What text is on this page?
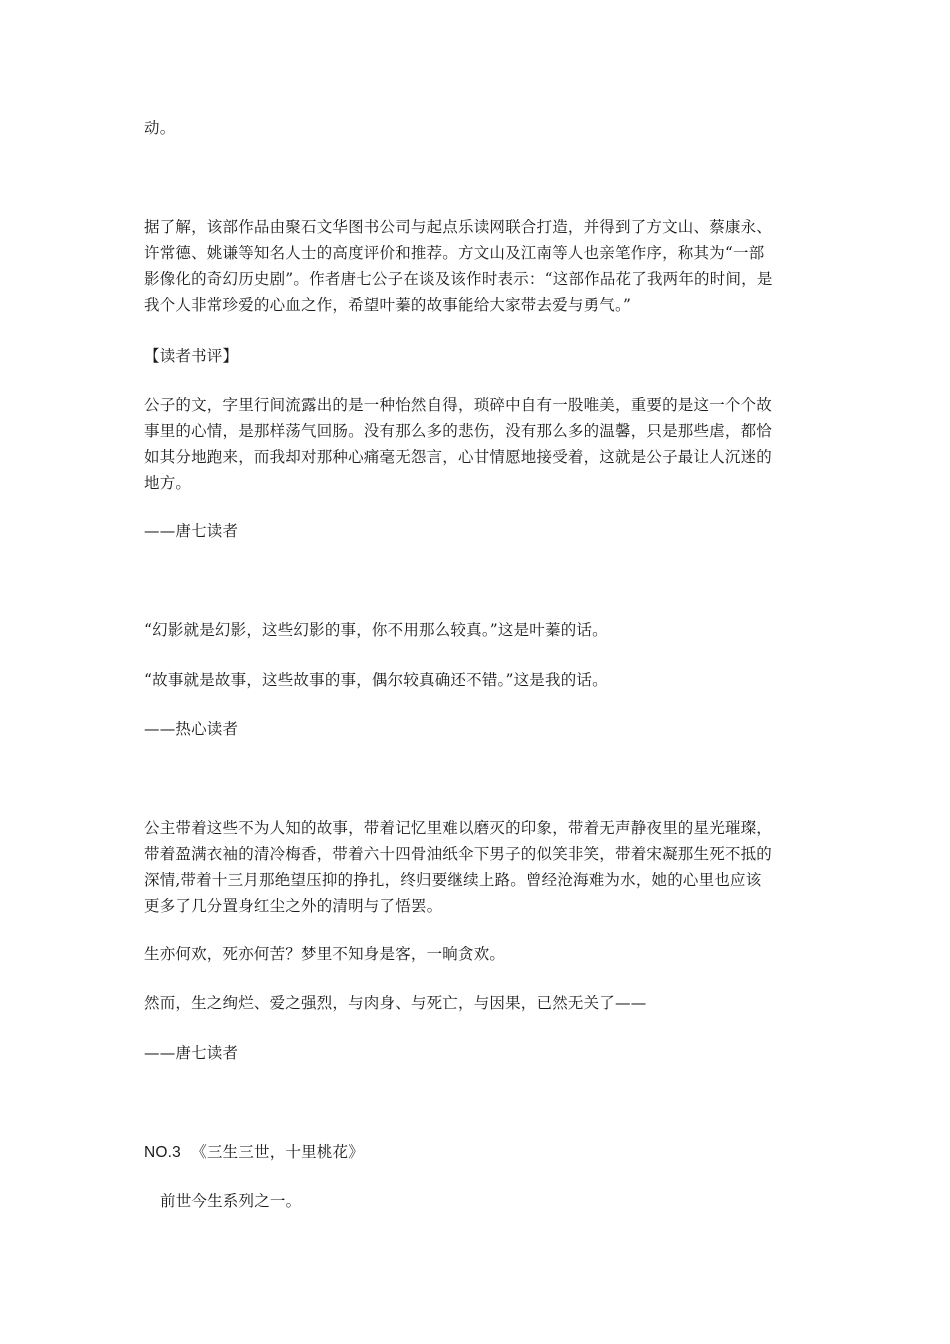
动。
据了解，该部作品由聚石文华图书公司与起点乐读网联合打造，并得到了方文山、蔡康永、
许常德、姚谦等知名人士的高度评价和推荐。方文山及江南等人也亲笔作序，称其为“一部
影像化的奇幻历史剧”。作者唐七公子在谈及该作时表示：“这部作品花了我两年的时间，是
我个人非常珍爱的心血之作，希望叶蓁的故事能给大家带去爱与勇气。”
【读者书评】
公子的文，字里行间流露出的是一种怡然自得，琐碎中自有一股唯美，重要的是这一个个故
事里的心情，是那样荡气回肠。没有那么多的悲伤，没有那么多的温馨，只是那些虐，都恰
如其分地跑来，而我却对那种心痛毫无怨言，心甘情愿地接受着，这就是公子最让人沉迷的
地方。
——唐七读者
“幻影就是幻影，这些幻影的事，你不用那么较真。”这是叶蓁的话。
“故事就是故事，这些故事的事，偶尔较真确还不错。”这是我的话。
——热心读者
公主带着这些不为人知的故事，带着记忆里难以磨灭的印象，带着无声静夜里的星光璀璨，
带着盈满衣袖的清冷梅香，带着六十四骨油纸伞下男子的似笑非笑，带着宋凝那生死不抵的
深情,带着十三月那绝望压抑的挣扎，终归要继续上路。曾经沧海难为水，她的心里也应该
更多了几分置身红尘之外的清明与了悟罢。
生亦何欢，死亦何苦？梦里不知身是客，一晌贪欢。
然而，生之绚烂、爱之强烈，与肉身、与死亡，与因果，已然无关了——
——唐七读者
NO.3 《三生三世，十里桃花》
前世今生系列之一。
